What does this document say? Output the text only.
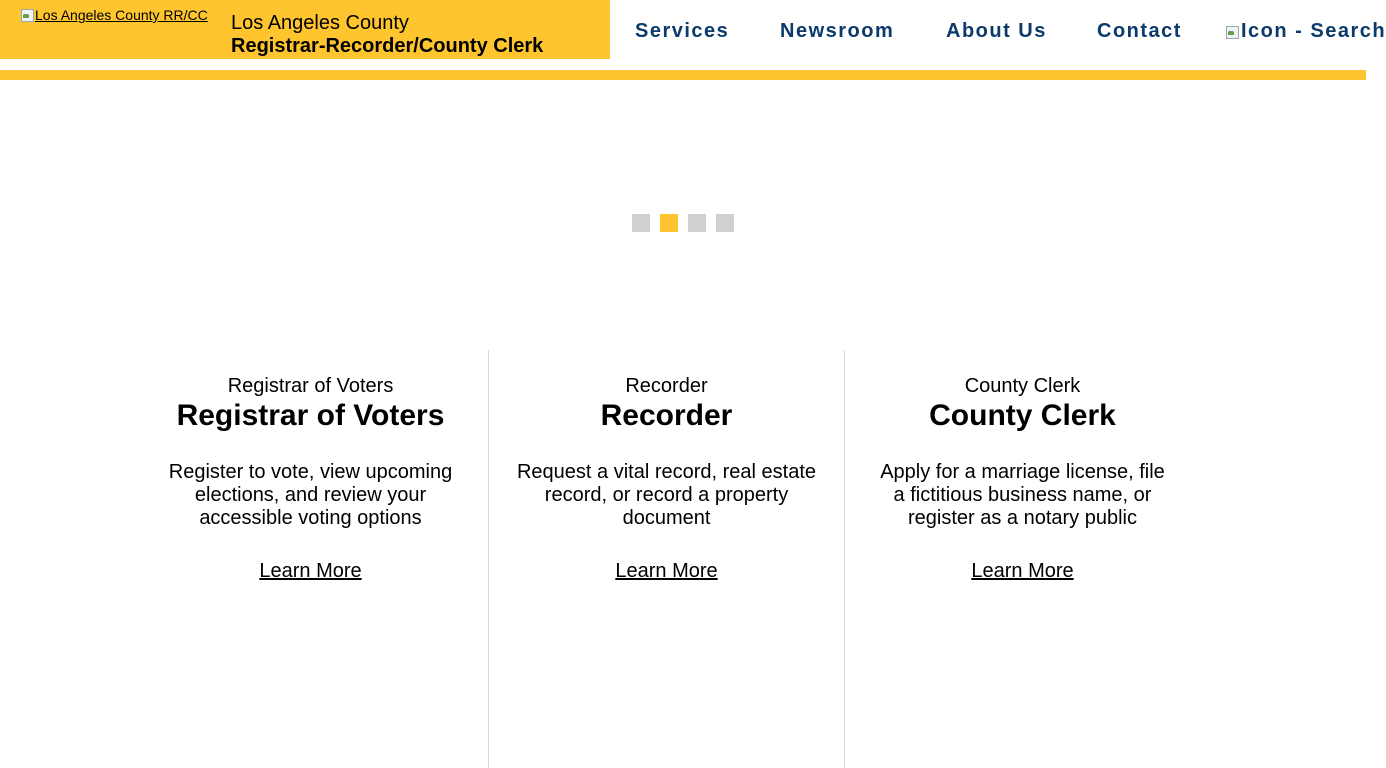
Los Angeles County RR/CC Los Angeles County
Registrar-Recorder/County Clerk
Services	Newsroom	About Us	Contact	Icon - Search
Registrar of Voters
Registrar of Voters
Register to vote, view upcoming elections, and review your accessible voting options
Learn More
Recorder
Recorder
Request a vital record, real estate record, or record a property document
Learn More
County Clerk
County Clerk
Apply for a marriage license, file a fictitious business name, or register as a notary public
Learn More
